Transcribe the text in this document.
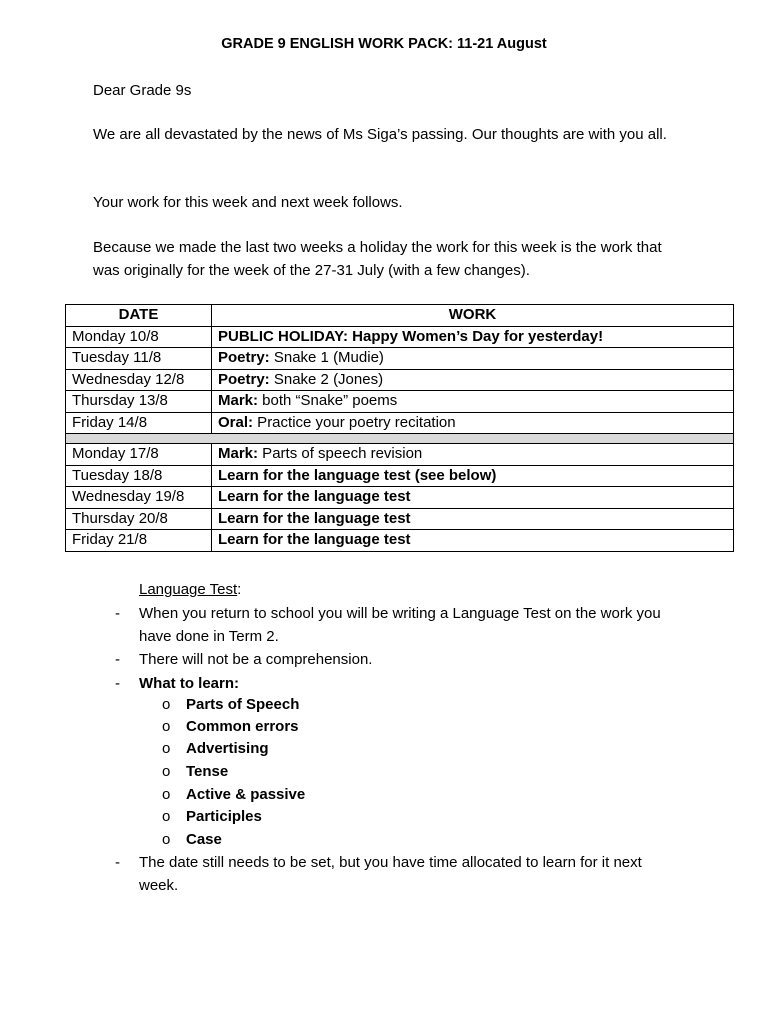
GRADE 9 ENGLISH WORK PACK: 11-21 August
Dear Grade 9s
We are all devastated by the news of Ms Siga’s passing. Our thoughts are with you all.
Your work for this week and next week follows.
Because we made the last two weeks a holiday the work for this week is the work that was originally for the week of the 27-31 July (with a few changes).
DATE	WORK
Monday 10/8	PUBLIC HOLIDAY: Happy Women’s Day for yesterday!
Tuesday 11/8	Poetry: Snake 1 (Mudie)
Wednesday 12/8	Poetry: Snake 2 (Jones)
Thursday 13/8	Mark: both “Snake” poems
Friday 14/8	Oral: Practice your poetry recitation

Monday 17/8	Mark: Parts of speech revision
Tuesday 18/8	Learn for the language test (see below)
Wednesday 19/8	Learn for the language test
Thursday 20/8	Learn for the language test
Friday 21/8	Learn for the language test
Language Test:
- When you return to school you will be writing a Language Test on the work you have done in Term 2.
- There will not be a comprehension.
- What to learn:
o Parts of Speech
o Common errors
o Advertising
o Tense
o Active & passive
o Participles
o Case
- The date still needs to be set, but you have time allocated to learn for it next week.
